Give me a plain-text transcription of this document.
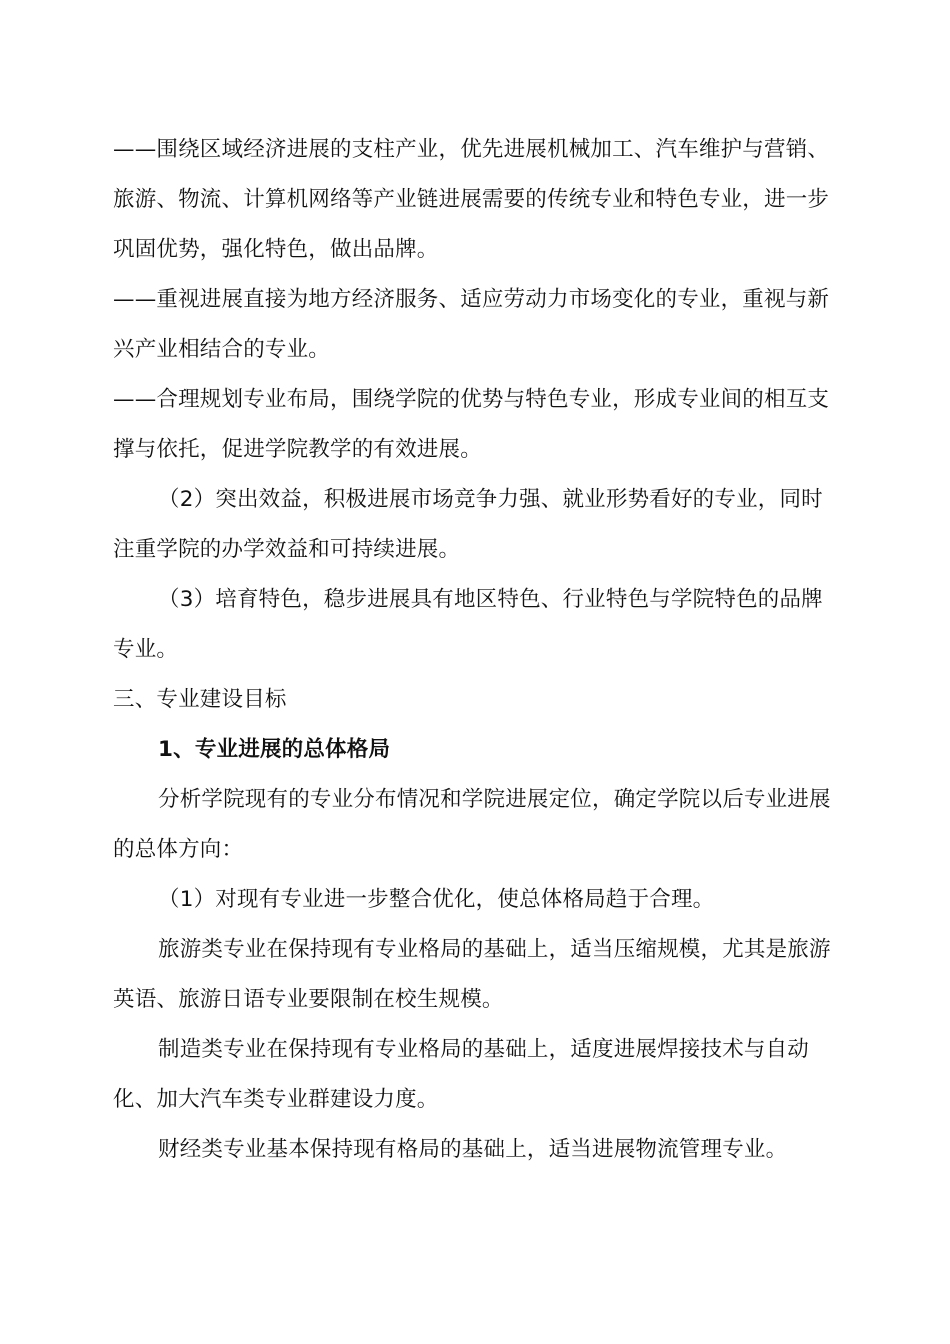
——围绕区域经济进展的支柱产业，优先进展机械加工、汽车维护与营销、旅游、物流、计算机网络等产业链进展需要的传统专业和特色专业，进一步巩固优势，强化特色，做出品牌。

——重视进展直接为地方经济服务、适应劳动力市场变化的专业，重视与新兴产业相结合的专业。

——合理规划专业布局，围绕学院的优势与特色专业，形成专业间的相互支撑与依托，促进学院教学的有效进展。

（2）突出效益，积极进展市场竞争力强、就业形势看好的专业，同时注重学院的办学效益和可持续进展。

（3）培育特色，稳步进展具有地区特色、行业特色与学院特色的品牌专业。

三、专业建设目标

1、专业进展的总体格局

分析学院现有的专业分布情况和学院进展定位，确定学院以后专业进展的总体方向：

（1）对现有专业进一步整合优化，使总体格局趋于合理。

旅游类专业在保持现有专业格局的基础上，适当压缩规模，尤其是旅游英语、旅游日语专业要限制在校生规模。

制造类专业在保持现有专业格局的基础上，适度进展焊接技术与自动化、加大汽车类专业群建设力度。

财经类专业基本保持现有格局的基础上，适当进展物流管理专业。
